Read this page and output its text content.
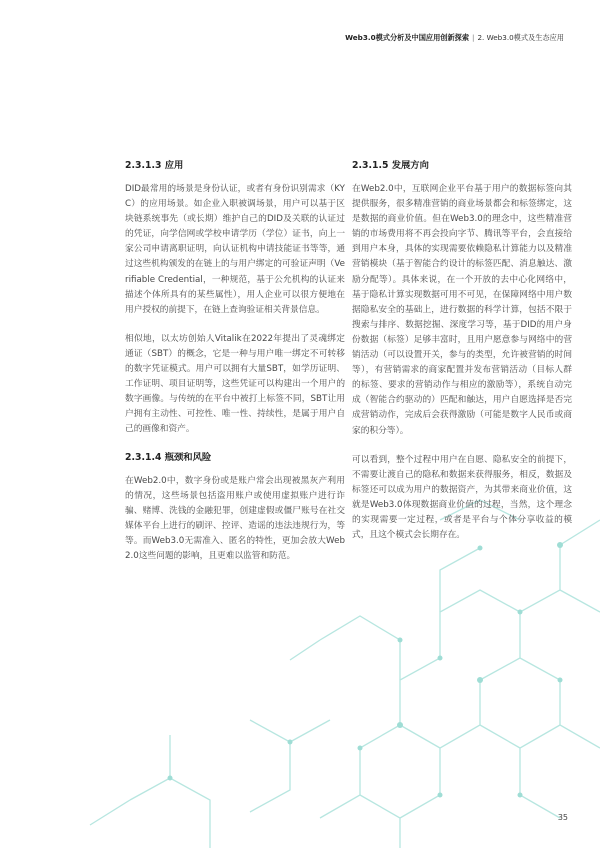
Web3.0模式分析及中国应用创新探索 | 2. Web3.0模式及生态应用
2.3.1.3 应用

DID最常用的场景是身份认证，或者有身份识别需求（KYC）的应用场景。如企业入职被调场景，用户可以基于区块链系统事先（或长期）维护自己的DID及关联的认证过的凭证，向学信网或学校申请学历（学位）证书，向上一家公司申请离职证明，向认证机构申请技能证书等等，通过这些机构颁发的在链上的与用户绑定的可验证声明（Verifiable Credential，一种规范，基于公允机构的认证来描述个体所具有的某些属性），用人企业可以很方便地在用户授权的前提下，在链上查询验证相关背景信息。

相似地，以太坊创始人Vitalik在2022年提出了灵魂绑定通证（SBT）的概念，它是一种与用户唯一绑定不可转移的数字凭证模式。用户可以拥有大量SBT，如学历证明、工作证明、项目证明等，这些凭证可以构建出一个用户的数字画像。与传统的在平台中被打上标签不同，SBT让用户拥有主动性、可控性、唯一性、持续性，是属于用户自己的画像和资产。

2.3.1.4 瓶颈和风险

在Web2.0中，数字身份或是账户常会出现被黑灰产利用的情况，这些场景包括盗用账户或使用虚拟账户进行诈骗、赌博、洗钱的金融犯罪，创建虚假或僵尸账号在社交媒体平台上进行的刷评、控评、造谣的违法违规行为，等等。而Web3.0无需准入、匿名的特性，更加会放大Web2.0这些问题的影响，且更难以监管和防范。

2.3.1.5 发展方向

在Web2.0中，互联网企业平台基于用户的数据标签向其提供服务，很多精准营销的商业场景都会和标签绑定，这是数据的商业价值。但在Web3.0的理念中，这些精准营销的市场费用将不再会投向字节、腾讯等平台，会直接给到用户本身，具体的实现需要依赖隐私计算能力以及精准营销模块（基于智能合约设计的标签匹配、消息触达、激励分配等）。具体来说，在一个开放的去中心化网络中，基于隐私计算实现数据可用不可见，在保障网络中用户数据隐私安全的基础上，进行数据的科学计算，包括不限于搜索与排序、数据挖掘、深度学习等，基于DID的用户身份数据（标签）足够丰富时，且用户愿意参与网络中的营销活动（可以设置开关，参与的类型，允许被营销的时间等），有营销需求的商家配置并发布营销活动（目标人群的标签、要求的营销动作与相应的激励等），系统自动完成（智能合约驱动的）匹配和触达，用户自愿选择是否完成营销动作，完成后会获得激励（可能是数字人民币或商家的积分等）。

可以看到，整个过程中用户在自愿、隐私安全的前提下，不需要让渡自己的隐私和数据来获得服务，相反，数据及标签还可以成为用户的数据资产，为其带来商业价值，这就是Web3.0体现数据商业价值的过程，当然，这个理念的实现需要一定过程，或者是平台与个体分享收益的模式，且这个模式会长期存在。

35
